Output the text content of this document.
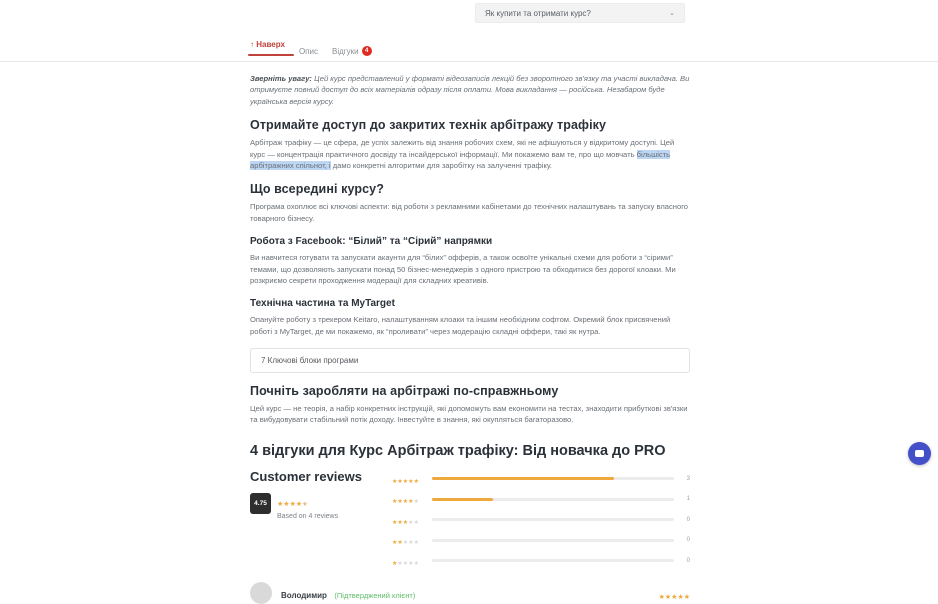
Як купити та отримати курс?	⌄
↑ Наверх
Опис Відгуки	4

Зверніть увагу: Цей курс представлений у форматі відеозаписів лекцій без зворотного зв'язку та участі викладача. Ви отримуєте повний доступ до всіх матеріалів одразу після оплати. Мова викладання — російська. Незабаром буде українська версія курсу.

Отримайте доступ до закритих технік арбітражу трафіку

Арбітраж трафіку — це сфера, де успіх залежить від знання робочих схем, які не афішуються у відкритому доступі. Цей курс — концентрація практичного досвіду та інсайдерської інформації. Ми покажемо вам те, про що мовчать більшість арбітражних спільнот, і дамо конкретні алгоритми для заробітку на залученні трафіку.

Що всередині курсу?

Програма охоплює всі ключові аспекти: від роботи з рекламними кабінетами до технічних налаштувань та запуску власного товарного бізнесу.

Робота з Facebook: “Білий” та “Сірий” напрямки

Ви навчитеся готувати та запускати акаунти для “білих” офферів, а також освоїте унікальні схеми для роботи з “сірими” темами, що дозволяють запускати понад 50 бізнес-менеджерів з одного пристрою та обходитися без дорогої клоаки. Ми розкриємо секрети проходження модерації для складних креативів.

Технічна частина та MyTarget

Опануйте роботу з трекером Keitaro, налаштуванням клоаки та іншим необхідним софтом. Окремий блок присвячений роботі з MyTarget, де ми покажемо, як “проливати” через модерацію складні оффери, такі як нутра.

7 Ключові блоки програми
Почніть заробляти на арбітражі по-справжньому

Цей курс — не теорія, а набір конкретних інструкцій, які допоможуть вам економити на тестах, знаходити прибуткові зв'язки та вибудовувати стабільний потік доходу. Інвестуйте в знання, які окупляться багаторазово.

4 відгуки для Курс Арбітраж трафіку: Від новачка до PRO
Customer reviews
4.75	★★★★★
Based on 4 reviews
★★★★★	3
★★★★★	1
★★★★★	0
★★★★★	0
★★★★★	0
Володимир (Підтверджений клієнт)	★★★★★
